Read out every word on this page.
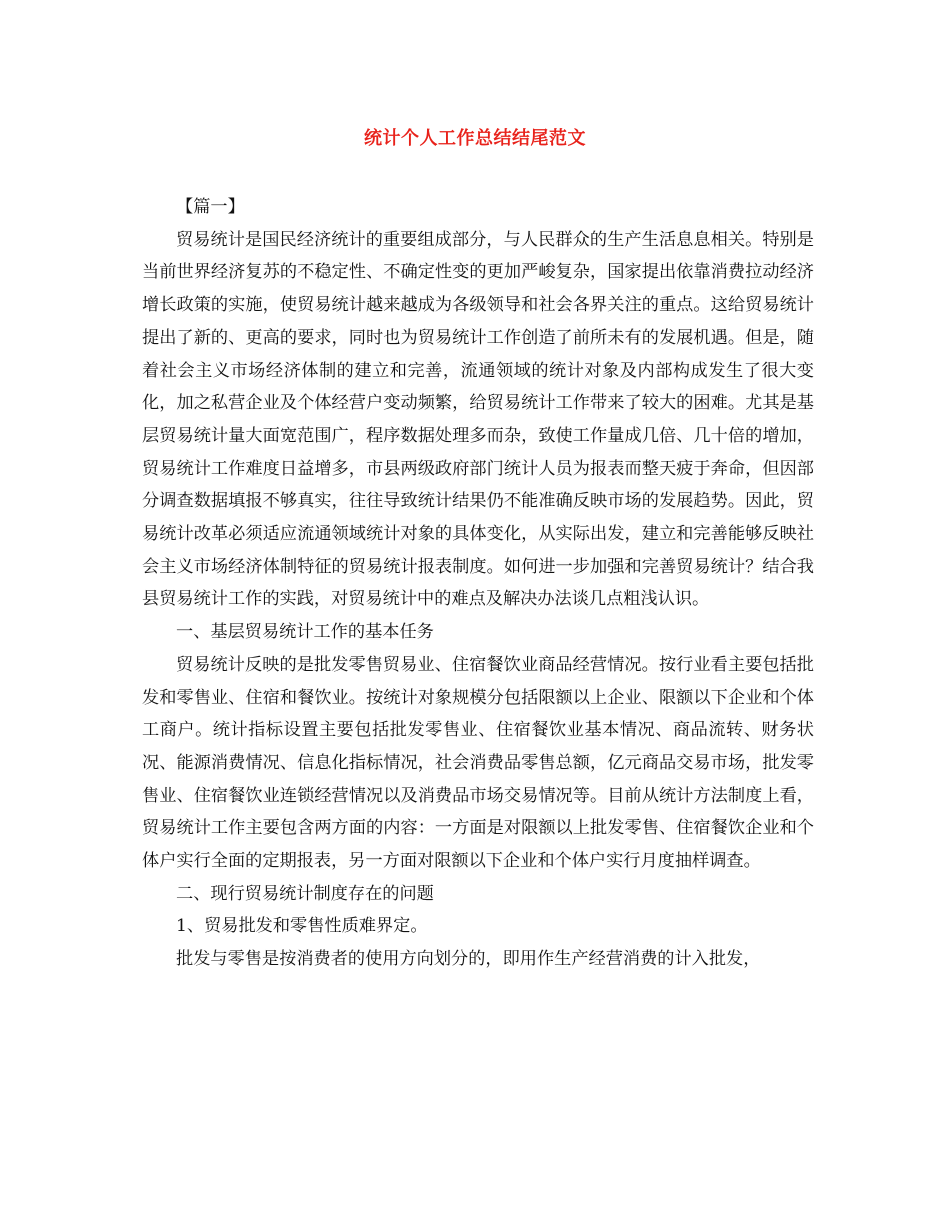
统计个人工作总结结尾范文

【篇一】

贸易统计是国民经济统计的重要组成部分，与人民群众的生产生活息息相关。特别是当前世界经济复苏的不稳定性、不确定性变的更加严峻复杂，国家提出依靠消费拉动经济增长政策的实施，使贸易统计越来越成为各级领导和社会各界关注的重点。这给贸易统计提出了新的、更高的要求，同时也为贸易统计工作创造了前所未有的发展机遇。但是，随着社会主义市场经济体制的建立和完善，流通领域的统计对象及内部构成发生了很大变化，加之私营企业及个体经营户变动频繁，给贸易统计工作带来了较大的困难。尤其是基层贸易统计量大面宽范围广，程序数据处理多而杂，致使工作量成几倍、几十倍的增加，贸易统计工作难度日益增多，市县两级政府部门统计人员为报表而整天疲于奔命，但因部分调查数据填报不够真实，往往导致统计结果仍不能准确反映市场的发展趋势。因此，贸易统计改革必须适应流通领域统计对象的具体变化，从实际出发，建立和完善能够反映社会主义市场经济体制特征的贸易统计报表制度。如何进一步加强和完善贸易统计？结合我县贸易统计工作的实践，对贸易统计中的难点及解决办法谈几点粗浅认识。

一、基层贸易统计工作的基本任务

贸易统计反映的是批发零售贸易业、住宿餐饮业商品经营情况。按行业看主要包括批发和零售业、住宿和餐饮业。按统计对象规模分包括限额以上企业、限额以下企业和个体工商户。统计指标设置主要包括批发零售业、住宿餐饮业基本情况、商品流转、财务状况、能源消费情况、信息化指标情况，社会消费品零售总额，亿元商品交易市场，批发零售业、住宿餐饮业连锁经营情况以及消费品市场交易情况等。目前从统计方法制度上看，贸易统计工作主要包含两方面的内容：一方面是对限额以上批发零售、住宿餐饮企业和个体户实行全面的定期报表，另一方面对限额以下企业和个体户实行月度抽样调查。

二、现行贸易统计制度存在的问题

1、贸易批发和零售性质难界定。

批发与零售是按消费者的使用方向划分的，即用作生产经营消费的计入批发，
